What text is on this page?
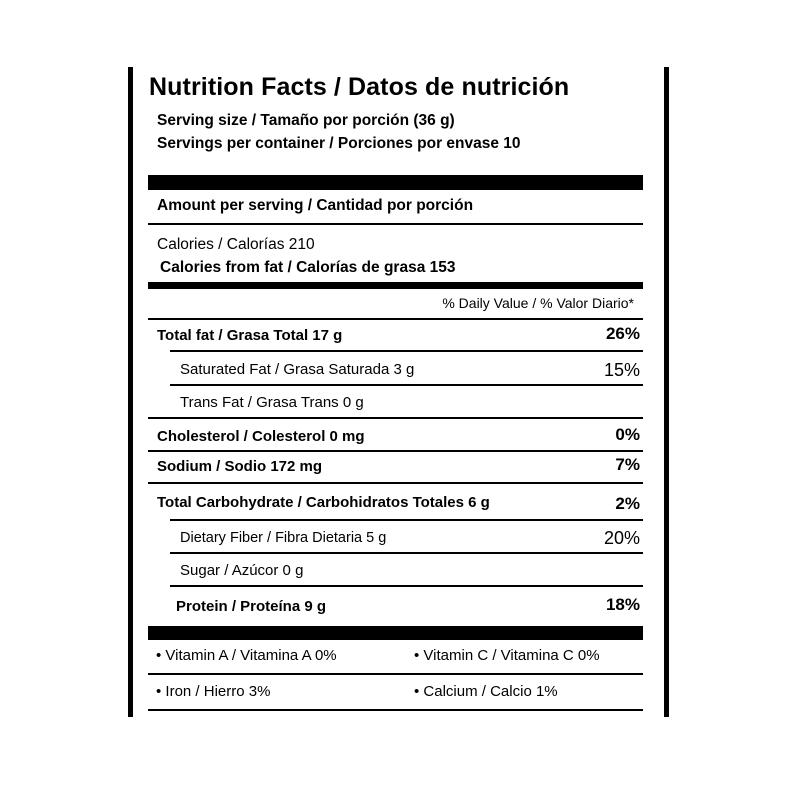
Nutrition Facts / Datos de nutrición
Serving size / Tamaño por porción (36 g)
Servings per container / Porciones por envase 10
Amount per serving / Cantidad por porción
Calories / Calorías 210
Calories from fat / Calorías de grasa 153
% Daily Value / % Valor Diario*
Total fat / Grasa Total 17 g	26%
Saturated Fat / Grasa Saturada 3 g	15%
Trans Fat / Grasa Trans 0 g
Cholesterol / Colesterol 0 mg	0%
Sodium / Sodio 172 mg	7%
Total Carbohydrate / Carbohidratos Totales 6 g	2%
Dietary Fiber / Fibra Dietaria 5 g	20%
Sugar / Azúcor 0 g
Protein / Proteína 9 g	18%
• Vitamin A / Vitamina A 0%	• Vitamin C / Vitamina C 0%
• Iron / Hierro 3%	• Calcium / Calcio 1%
